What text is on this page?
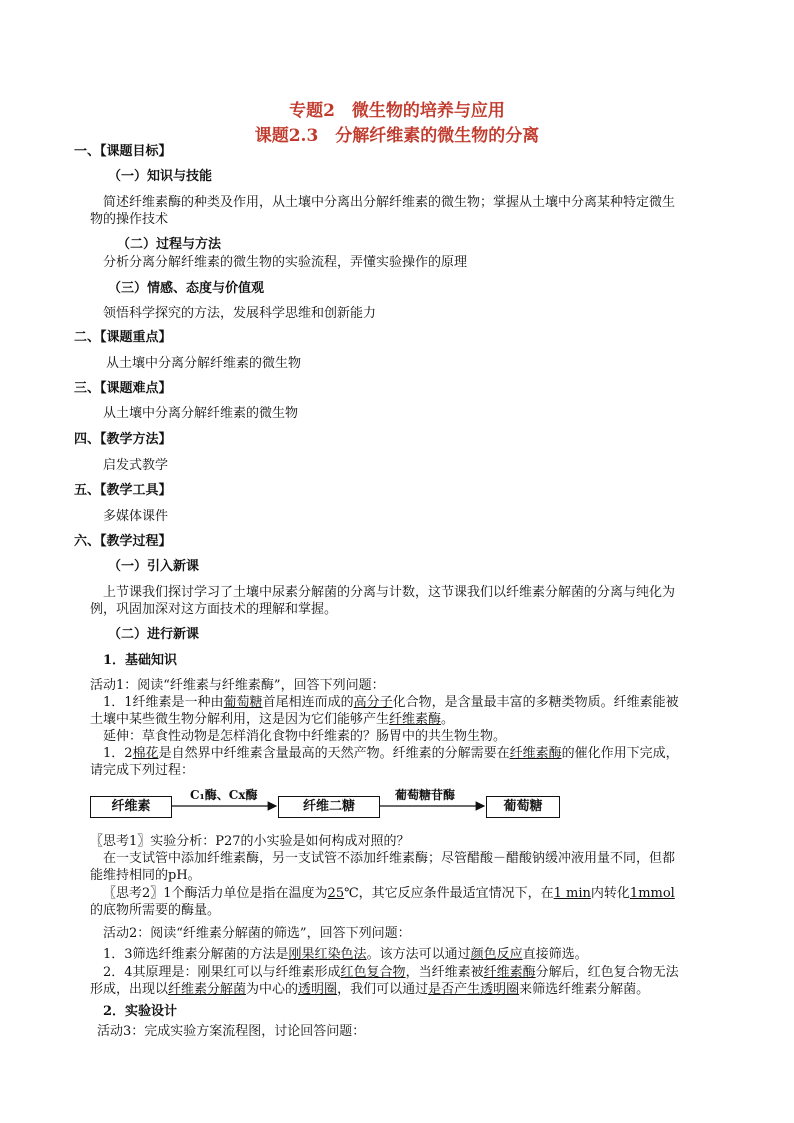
专题2　微生物的培养与应用
课题2.3　分解纤维素的微生物的分离
一、【课题目标】
（一）知识与技能
简述纤维素酶的种类及作用，从土壤中分离出分解纤维素的微生物；掌握从土壤中分离某种特定微生
物的操作技术
（二）过程与方法
分析分离分解纤维素的微生物的实验流程，弄懂实验操作的原理
（三）情感、态度与价值观
领悟科学探究的方法，发展科学思维和创新能力
二、【课题重点】
从土壤中分离分解纤维素的微生物
三、【课题难点】
从土壤中分离分解纤维素的微生物
四、【教学方法】
启发式教学
五、【教学工具】
多媒体课件
六、【教学过程】
（一）引入新课
上节课我们探讨学习了土壤中尿素分解菌的分离与计数，这节课我们以纤维素分解菌的分离与纯化为
例，巩固加深对这方面技术的理解和掌握。
（二）进行新课
1．基础知识
活动1：阅读“纤维素与纤维素酶”，回答下列问题：
1．1纤维素是一种由葡萄糖首尾相连而成的高分子化合物，是含量最丰富的多糖类物质。纤维素能被
土壤中某些微生物分解利用，这是因为它们能够产生纤维素酶。
延伸：草食性动物是怎样消化食物中纤维素的？肠胃中的共生物生物。
1．2棉花是自然界中纤维素含量最高的天然产物。纤维素的分解需要在纤维素酶的催化作用下完成，
请完成下列过程：
纤维素
C₁酶、Cx酶
纤维二糖
葡萄糖苷酶
葡萄糖
〖思考1〗实验分析：P27的小实验是如何构成对照的？
在一支试管中添加纤维素酶，另一支试管不添加纤维素酶；尽管醋酸－醋酸钠缓冲液用量不同，但都
能维持相同的pH。
〖思考2〗1个酶活力单位是指在温度为25℃，其它反应条件最适宜情况下，在1 min内转化1mmol
的底物所需要的酶量。
活动2：阅读“纤维素分解菌的筛选”，回答下列问题：
1．3筛选纤维素分解菌的方法是刚果红染色法。该方法可以通过颜色反应直接筛选。
2．4其原理是：刚果红可以与纤维素形成红色复合物，当纤维素被纤维素酶分解后，红色复合物无法
形成，出现以纤维素分解菌为中心的透明圈，我们可以通过是否产生透明圈来筛选纤维素分解菌。
2．实验设计
活动3：完成实验方案流程图，讨论回答问题：
